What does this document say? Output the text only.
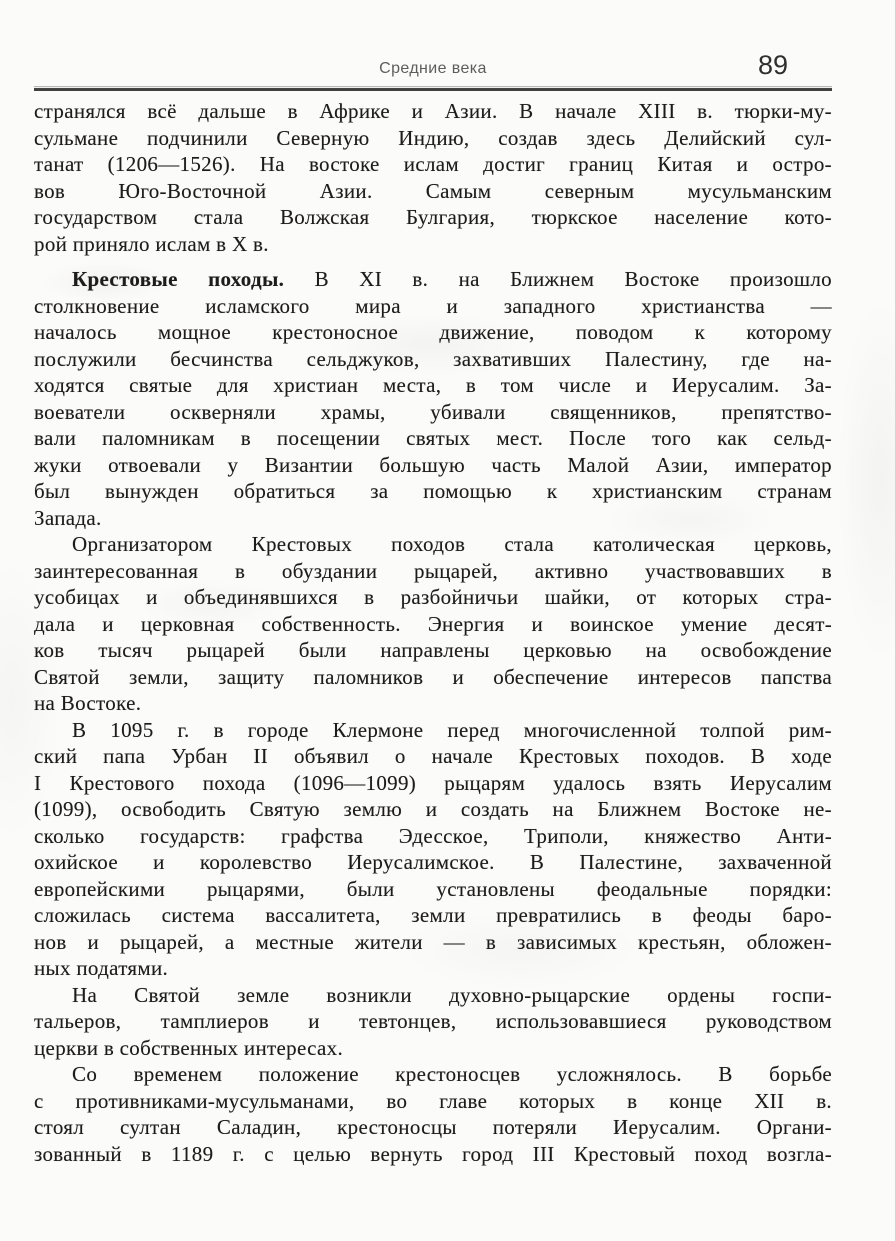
Средние века	89

странялся всё дальше в Африке и Азии. В начале XIII в. тюрки-му-
сульмане подчинили Северную Индию, создав здесь Делийский сул-
танат (1206—1526). На востоке ислам достиг границ Китая и остро-
вов Юго-Восточной Азии. Самым северным мусульманским
государством стала Волжская Булгария, тюркское население кото-
рой приняло ислам в X в.

Крестовые походы. В XI в. на Ближнем Востоке произошло
столкновение исламского мира и западного христианства —
началось мощное крестоносное движение, поводом к которому
послужили бесчинства сельджуков, захвативших Палестину, где на-
ходятся святые для христиан места, в том числе и Иерусалим. За-
воеватели оскверняли храмы, убивали священников, препятство-
вали паломникам в посещении святых мест. После того как сельд-
жуки отвоевали у Византии большую часть Малой Азии, император
был вынужден обратиться за помощью к христианским странам
Запада.

Организатором Крестовых походов стала католическая церковь,
заинтересованная в обуздании рыцарей, активно участвовавших в
усобицах и объединявшихся в разбойничьи шайки, от которых стра-
дала и церковная собственность. Энергия и воинское умение десят-
ков тысяч рыцарей были направлены церковью на освобождение
Святой земли, защиту паломников и обеспечение интересов папства
на Востоке.

В 1095 г. в городе Клермоне перед многочисленной толпой рим-
ский папа Урбан II объявил о начале Крестовых походов. В ходе
I Крестового похода (1096—1099) рыцарям удалось взять Иерусалим
(1099), освободить Святую землю и создать на Ближнем Востоке не-
сколько государств: графства Эдесское, Триполи, княжество Анти-
охийское и королевство Иерусалимское. В Палестине, захваченной
европейскими рыцарями, были установлены феодальные порядки:
сложилась система вассалитета, земли превратились в феоды баро-
нов и рыцарей, а местные жители — в зависимых крестьян, обложен-
ных податями.

На Святой земле возникли духовно-рыцарские ордены госпи-
тальеров, тамплиеров и тевтонцев, использовавшиеся руководством
церкви в собственных интересах.

Со временем положение крестоносцев усложнялось. В борьбе
с противниками-мусульманами, во главе которых в конце XII в.
стоял султан Саладин, крестоносцы потеряли Иерусалим. Органи-
зованный в 1189 г. с целью вернуть город III Крестовый поход возгла-
